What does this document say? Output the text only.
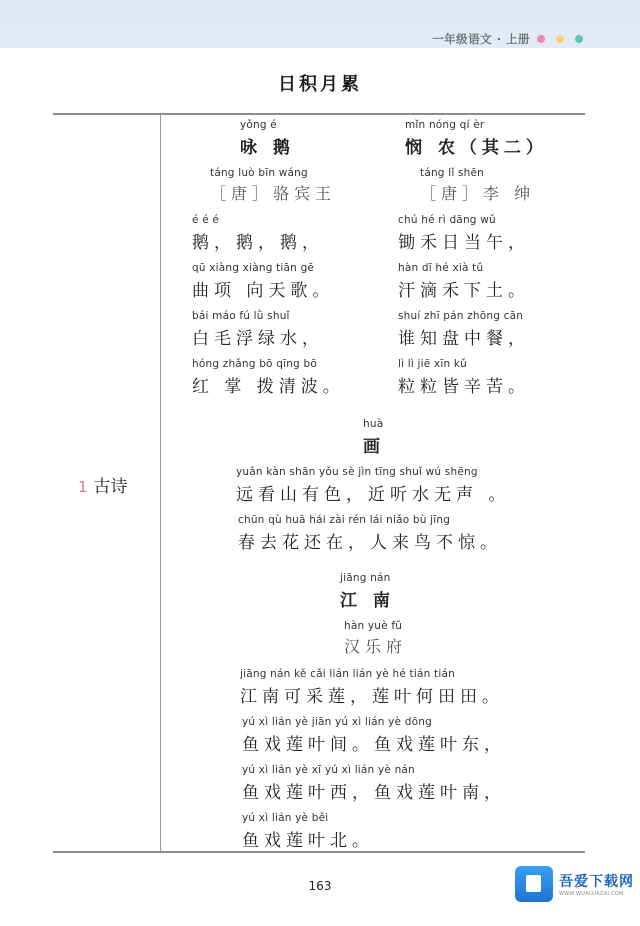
一年级语文 · 上册
日积月累
1 古诗
yǒng é
咏 鹅
táng luò bīn wáng
［唐］骆宾王
é é é
鹅，鹅，鹅，
qū xiàng xiàng tiān gē
曲项 向天歌。
bái máo fú lǜ shuǐ
白毛浮绿水，
hóng zhǎng bō qīng bō
红 掌 拨清波。
mǐn nóng qí èr
悯 农（其二）
táng lǐ shēn
［唐］李 绅
chú hé rì dāng wǔ
锄禾日当午，
hàn dī hé xià tǔ
汗滴禾下土。
shuí zhī pán zhōng cān
谁知盘中餐，
lì lì jiē xīn kǔ
粒粒皆辛苦。
huà
画
yuǎn kàn shān yǒu sè jìn tīng shuǐ wú shēng
远看山有色，近听水无声 。
chūn qù huā hái zài rén lái niǎo bù jīng
春去花还在，人来鸟不惊。
jiāng nán
江 南
hàn yuè fǔ
汉乐府
jiāng nán kě cǎi lián lián yè hé tián tián
江南可采莲，莲叶何田田。
yú xì lián yè jiān yú xì lián yè dōng
鱼戏莲叶间。鱼戏莲叶东，
yú xì lián yè xī yú xì lián yè nán
鱼戏莲叶西，鱼戏莲叶南，
yú xì lián yè běi
鱼戏莲叶北。
163	吾爱下载网
WWW.WUAIXIAZAI.COM
